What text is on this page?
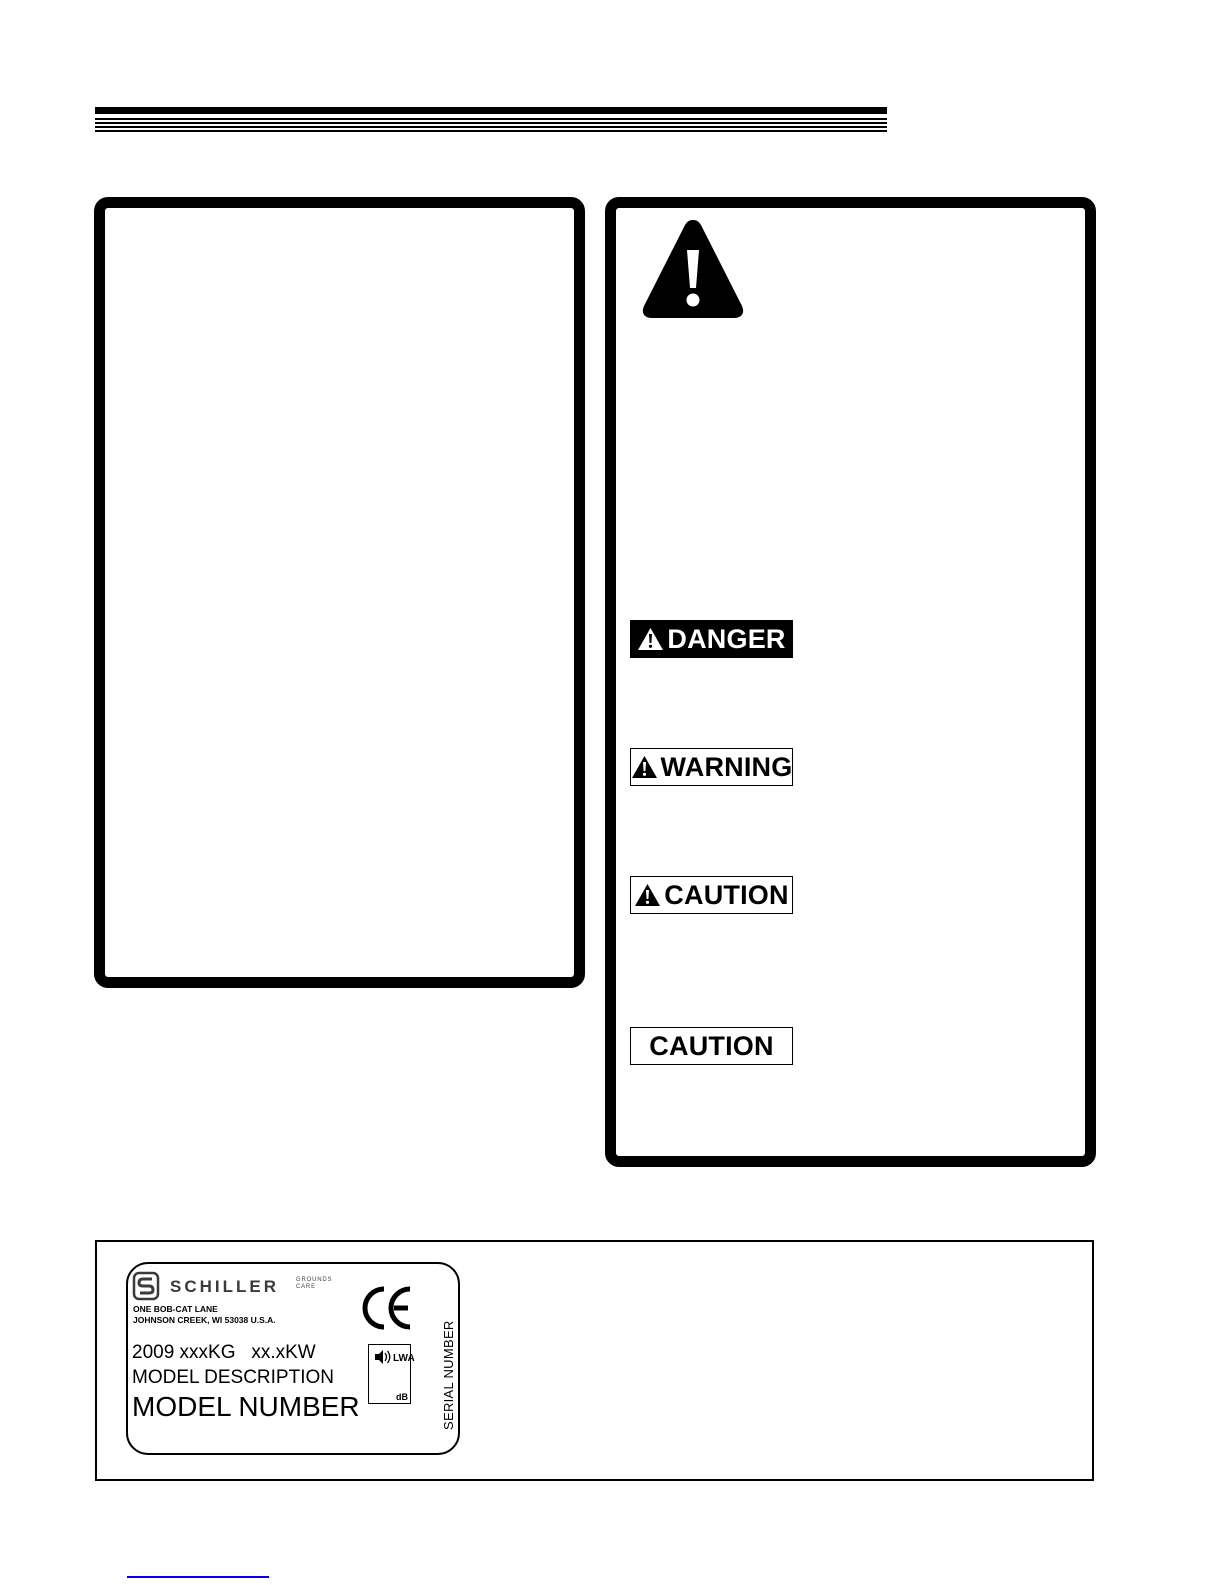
DANGER
WARNING
CAUTION
CAUTION
SCHILLER	GROUNDS CARE
ONE BOB-CAT LANE
JOHNSON CREEK, WI 53038 U.S.A.
2009 xxxKG   xx.xKW
MODEL DESCRIPTION
MODEL NUMBER
LWA
dB	SERIAL NUMBER
